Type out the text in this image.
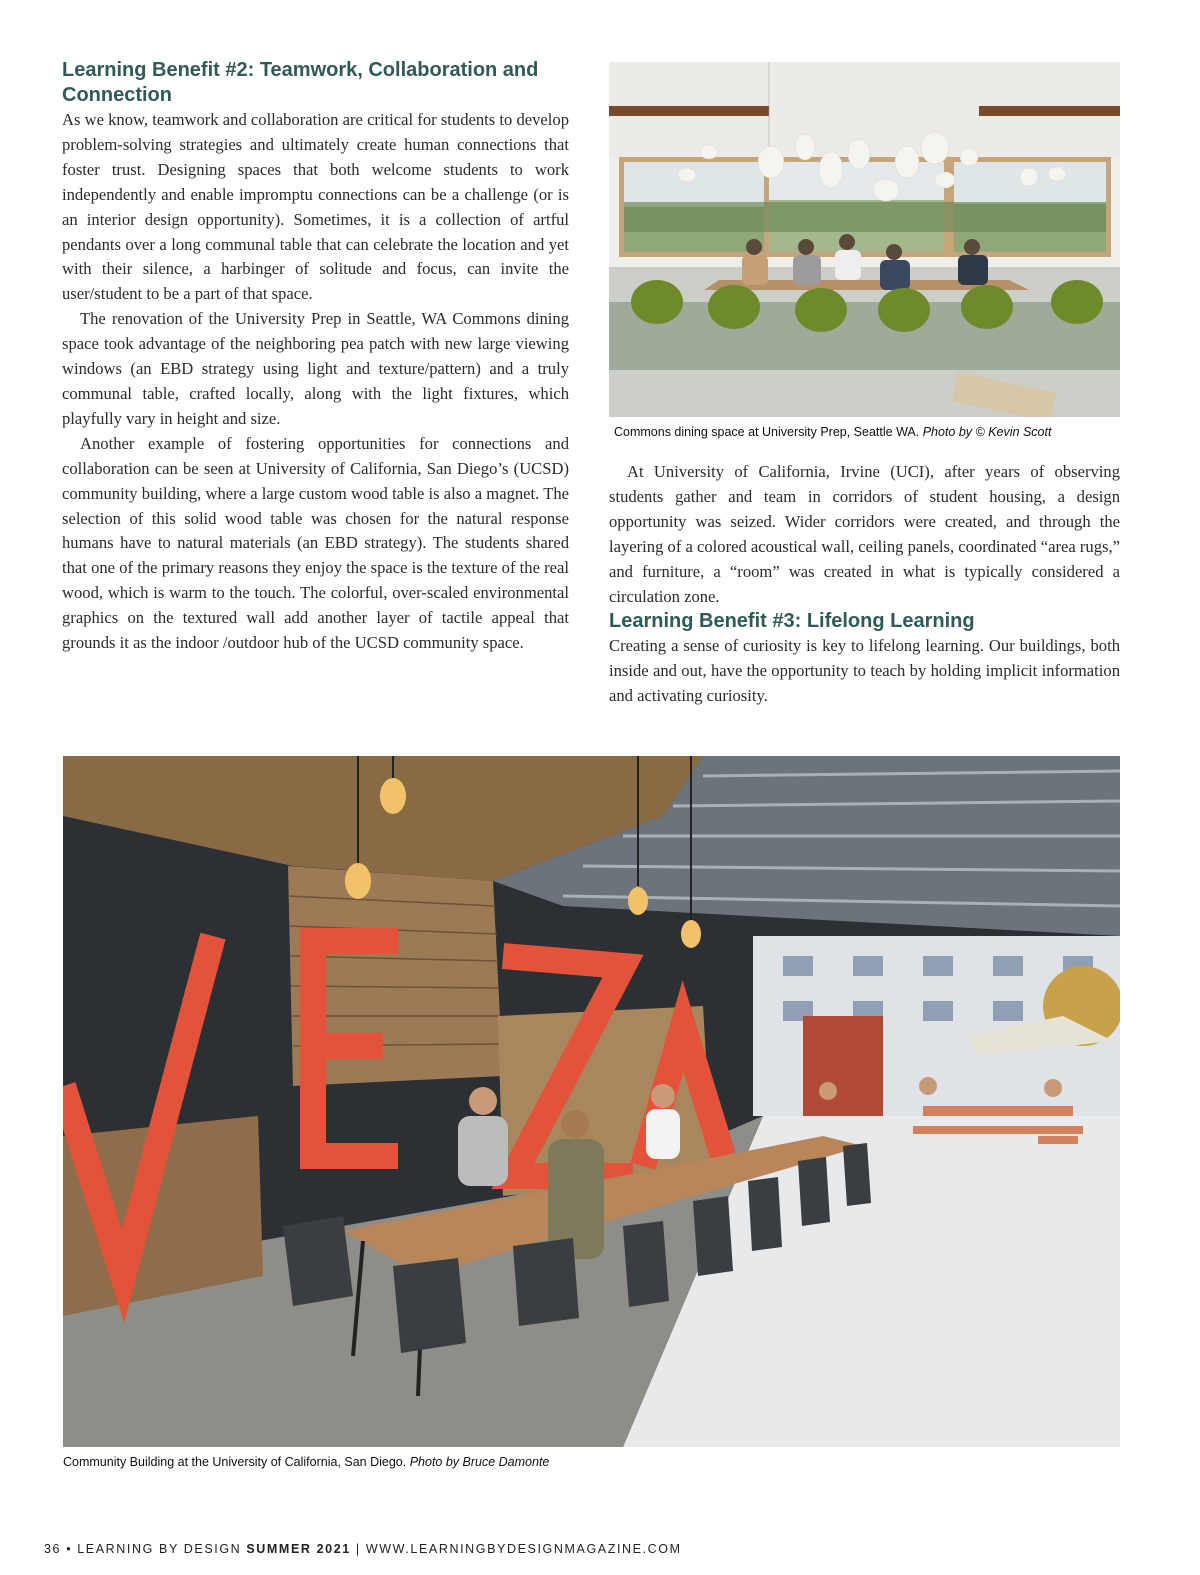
Learning Benefit #2: Teamwork, Collaboration and Connection

As we know, teamwork and collaboration are critical for students to develop problem-solving strategies and ultimately create human connections that foster trust. Designing spaces that both welcome students to work independently and enable impromptu connections can be a challenge (or is an interior design opportunity). Sometimes, it is a collection of artful pendants over a long communal table that can celebrate the location and yet with their silence, a harbinger of solitude and focus, can invite the user/student to be a part of that space.

The renovation of the University Prep in Seattle, WA Commons dining space took advantage of the neighboring pea patch with new large viewing windows (an EBD strategy using light and texture/pattern) and a truly communal table, crafted locally, along with the light fixtures, which playfully vary in height and size.

Another example of fostering opportunities for connections and collaboration can be seen at University of California, San Diego’s (UCSD) community building, where a large custom wood table is also a magnet. The selection of this solid wood table was chosen for the natural response humans have to natural materials (an EBD strategy). The students shared that one of the primary reasons they enjoy the space is the texture of the real wood, which is warm to the touch. The colorful, over-scaled environmental graphics on the textured wall add another layer of tactile appeal that grounds it as the indoor /outdoor hub of the UCSD community space.

Commons dining space at University Prep, Seattle WA. Photo by © Kevin Scott

At University of California, Irvine (UCI), after years of observing students gather and team in corridors of student housing, a design opportunity was seized. Wider corridors were created, and through the layering of a colored acoustical wall, ceiling panels, coordinated “area rugs,” and furniture, a “room” was created in what is typically considered a circulation zone.

Learning Benefit #3: Lifelong Learning

Creating a sense of curiosity is key to lifelong learning. Our buildings, both inside and out, have the opportunity to teach by holding implicit information and activating curiosity.

Community Building at the University of California, San Diego. Photo by Bruce Damonte
36 • LEARNING BY DESIGN SUMMER 2021 | WWW.LEARNINGBYDESIGNMAGAZINE.COM
